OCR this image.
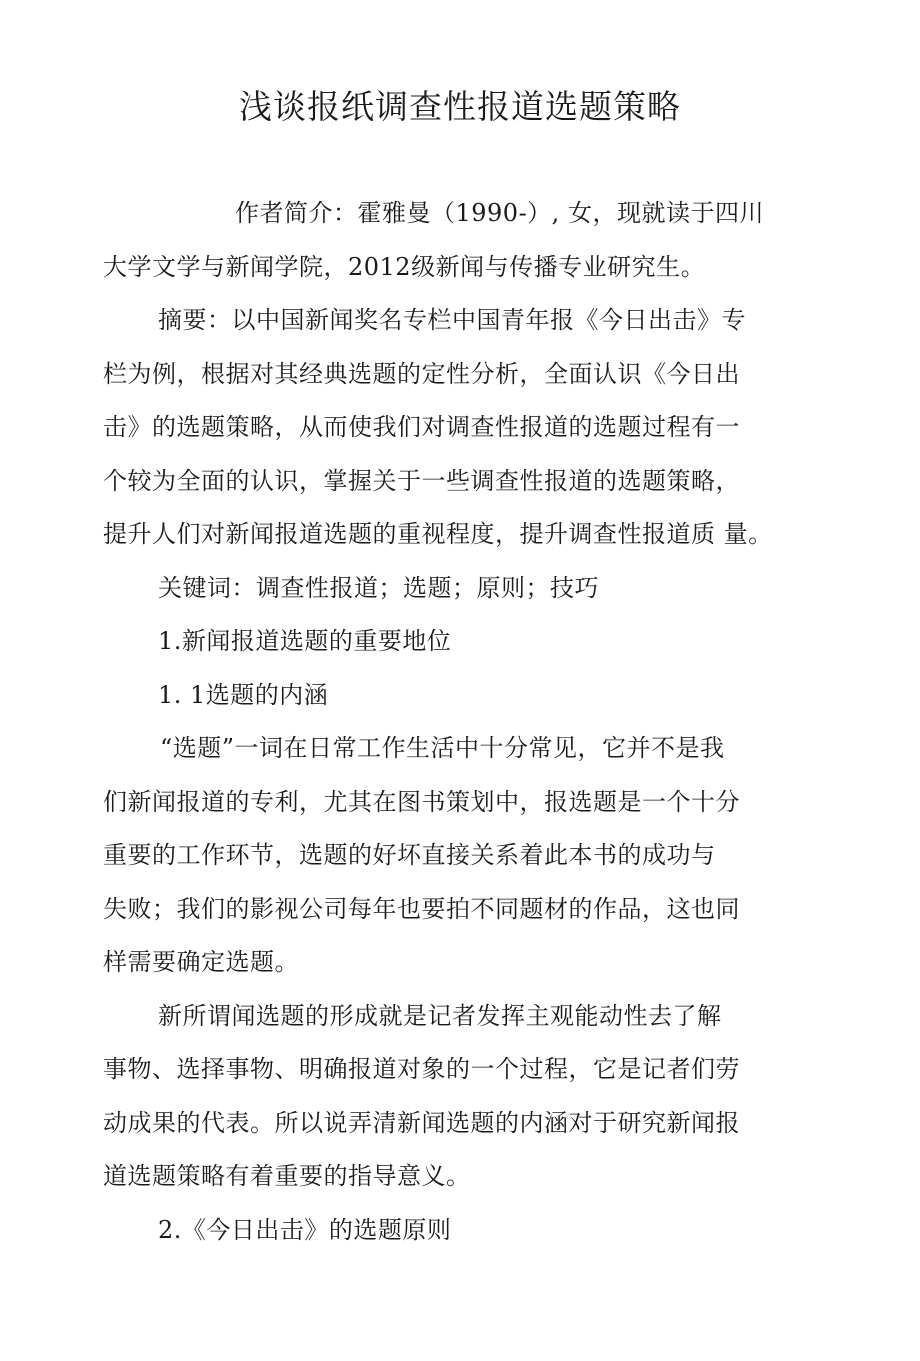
浅谈报纸调查性报道选题策略
作者简介：霍雅曼（1990-）, 女，现就读于四川
大学文学与新闻学院，2012级新闻与传播专业研究生。
摘要：以中国新闻奖名专栏中国青年报《今日出击》专
栏为例，根据对其经典选题的定性分析，全面认识《今日出
击》的选题策略，从而使我们对调查性报道的选题过程有一
个较为全面的认识，掌握关于一些调查性报道的选题策略，
提升人们对新闻报道选题的重视程度，提升调查性报道质 量。
关键词：调查性报道；选题；原则；技巧
1.新闻报道选题的重要地位
1. 1选题的内涵
“选题”一词在日常工作生活中十分常见，它并不是我
们新闻报道的专利，尤其在图书策划中，报选题是一个十分
重要的工作环节，选题的好坏直接关系着此本书的成功与
失败；我们的影视公司每年也要拍不同题材的作品，这也同
样需要确定选题。
新所谓闻选题的形成就是记者发挥主观能动性去了解
事物、选择事物、明确报道对象的一个过程，它是记者们劳
动成果的代表。所以说弄清新闻选题的内涵对于研究新闻报
道选题策略有着重要的指导意义。
2.《今日出击》的选题原则
